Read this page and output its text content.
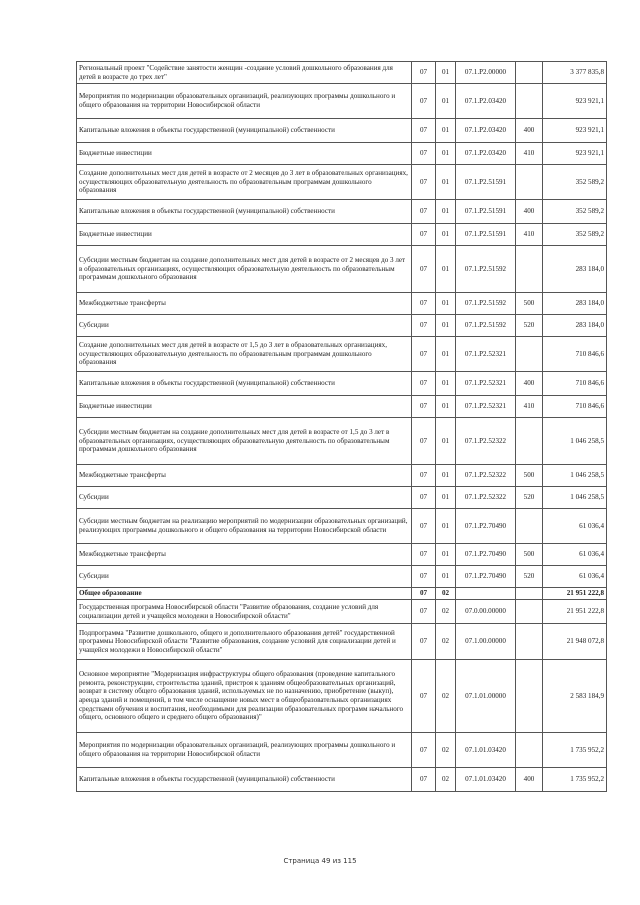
Региональный проект "Содействие занятости женщин -создание условий дошкольного образования для детей в возрасте до трех лет"	07	01	07.1.P2.00000		3 377 835,8
Мероприятия по модернизации образовательных организаций, реализующих программы дошкольного и общего образования на территории Новосибирской области	07	01	07.1.P2.03420		923 921,1
Капитальные вложения в объекты государственной (муниципальной) собственности	07	01	07.1.P2.03420	400	923 921,1
Бюджетные инвестиции	07	01	07.1.P2.03420	410	923 921,1
Создание дополнительных мест для детей в возрасте от 2 месяцев до 3 лет в образовательных организациях, осуществляющих образовательную деятельность по образовательным программам дошкольного образования	07	01	07.1.P2.51591		352 589,2
Капитальные вложения в объекты государственной (муниципальной) собственности	07	01	07.1.P2.51591	400	352 589,2
Бюджетные инвестиции	07	01	07.1.P2.51591	410	352 589,2
Субсидии местным бюджетам на создание дополнительных мест для детей в возрасте от 2 месяцев до 3 лет в образовательных организациях, осуществляющих образовательную деятельность по образовательным программам дошкольного образования	07	01	07.1.P2.51592		283 184,0
Межбюджетные трансферты	07	01	07.1.P2.51592	500	283 184,0
Субсидии	07	01	07.1.P2.51592	520	283 184,0
Создание дополнительных мест для детей в возрасте от 1,5 до 3 лет в образовательных организациях, осуществляющих образовательную деятельность по образовательным программам дошкольного образования	07	01	07.1.P2.52321		710 846,6
Капитальные вложения в объекты государственной (муниципальной) собственности	07	01	07.1.P2.52321	400	710 846,6
Бюджетные инвестиции	07	01	07.1.P2.52321	410	710 846,6
Субсидии местным бюджетам на создание дополнительных мест для детей в возрасте от 1,5 до 3 лет в образовательных организациях, осуществляющих образовательную деятельность по образовательным программам дошкольного образования	07	01	07.1.P2.52322		1 046 258,5
Межбюджетные трансферты	07	01	07.1.P2.52322	500	1 046 258,5
Субсидии	07	01	07.1.P2.52322	520	1 046 258,5
Субсидии местным бюджетам на реализацию мероприятий по модернизации образовательных организаций, реализующих программы дошкольного и общего образования на территории Новосибирской области	07	01	07.1.P2.70490		61 036,4
Межбюджетные трансферты	07	01	07.1.P2.70490	500	61 036,4
Субсидии	07	01	07.1.P2.70490	520	61 036,4
Общее образование	07	02			21 951 222,8
Государственная программа Новосибирской области "Развитие образования, создание условий для социализации детей и учащейся молодежи в Новосибирской области"	07	02	07.0.00.00000		21 951 222,8
Подпрограмма "Развитие дошкольного, общего и дополнительного образования детей" государственной программы Новосибирской области "Развитие образования, создание условий для социализации детей и учащейся молодежи в Новосибирской области"	07	02	07.1.00.00000		21 948 072,8
Основное мероприятие "Модернизация инфраструктуры общего образования (проведение капитального ремонта, реконструкции, строительства зданий, пристроя к зданиям общеобразовательных организаций, возврат в систему общего образования зданий, используемых не по назначению, приобретение (выкуп), аренда зданий и помещений, в том числе оснащение новых мест в общеобразовательных организациях средствами обучения и воспитания, необходимыми для реализации образовательных программ начального общего, основного общего и среднего общего образования)"	07	02	07.1.01.00000		2 583 184,9
Мероприятия по модернизации образовательных организаций, реализующих программы дошкольного и общего образования на территории Новосибирской области	07	02	07.1.01.03420		1 735 952,2
Капитальные вложения в объекты государственной (муниципальной) собственности	07	02	07.1.01.03420	400	1 735 952,2
Страница 49 из 115
